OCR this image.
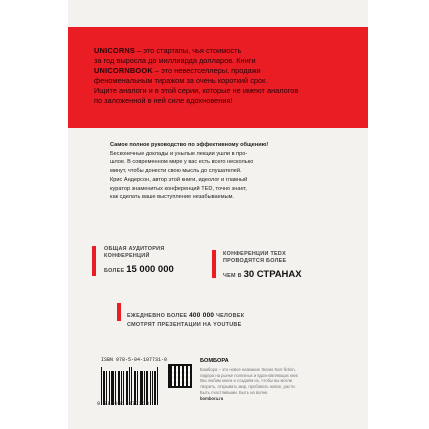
UNICORNS – это стартапы, чья стоимость
за год выросла до миллиарда долларов. Книги
UNICORNBOOK – это невестселлеры, продажи
феноменальным тиражом за очень короткий срок.
Ищите аналоги и в этой серии, которые не имеют аналогов
по заложенной в ней силе вдохновения!
Самое полное руководство по эффективному общению!
Бесконечные доклады и унылые лекции ушли в про-
шлое. В современном мире у вас есть всего несколько
минут, чтобы донести свою мысль до слушателей.
Крис Андерсон, автор этой книги, идеолог и главный
куратор знаменитых конференций TED, точно знает,
как сделать ваше выступление незабываемым.
ОБЩАЯ АУДИТОРИЯ
КОНФЕРЕНЦИЙ
БОЛЕЕ 15 000 000
КОНФЕРЕНЦИИ TEDX
ПРОВОДЯТСЯ БОЛЕЕ
ЧЕМ В 30 СТРАНАХ
ЕЖЕДНЕВНО БОЛЕЕ 400 000 ЧЕЛОВЕК
СМОТРЯТ ПРЕЗЕНТАЦИИ НА YOUTUBE
ISBN 978-5-04-107731-0
9 785041 077310
БОМБОРА
Бомбора – это новое название Эксмо Non-fiction,
лидера на рынке полезных и вдохновляющих книг.
Мы любим книги и создаём их, чтобы вы могли
творить, открывать мир, пробовать новое, расти.
Быть счастливыми. Быть на волне.
bombora.ru
